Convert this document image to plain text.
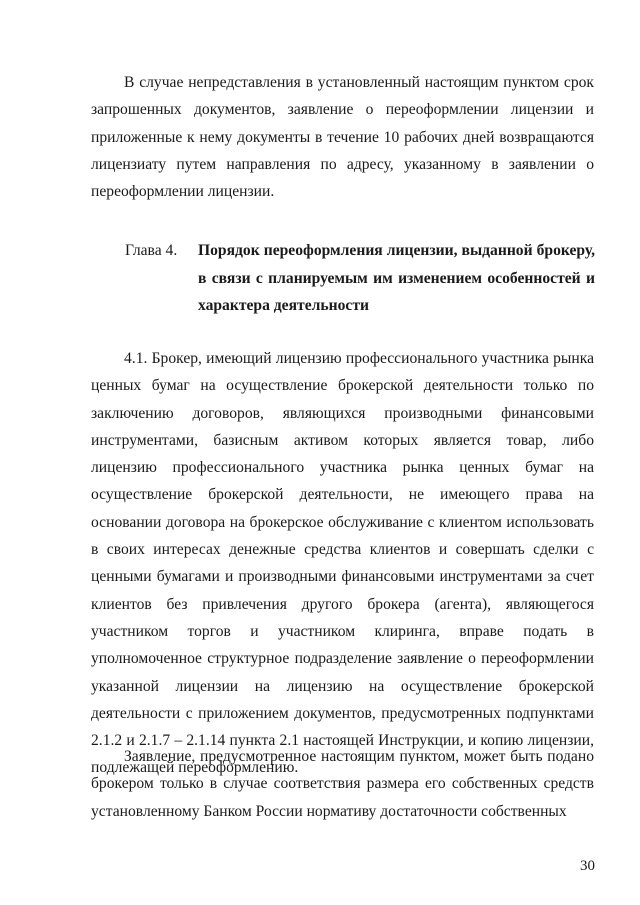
В случае непредставления в установленный настоящим пунктом срок запрошенных документов, заявление о переоформлении лицензии и приложенные к нему документы в течение 10 рабочих дней возвращаются лицензиату путем направления по адресу, указанному в заявлении о переоформлении лицензии.

Глава 4. Порядок переоформления лицензии, выданной брокеру, в связи с планируемым им изменением особенностей и характера деятельности

4.1. Брокер, имеющий лицензию профессионального участника рынка ценных бумаг на осуществление брокерской деятельности только по заключению договоров, являющихся производными финансовыми инструментами, базисным активом которых является товар, либо лицензию профессионального участника рынка ценных бумаг на осуществление брокерской деятельности, не имеющего права на основании договора на брокерское обслуживание с клиентом использовать в своих интересах денежные средства клиентов и совершать сделки с ценными бумагами и производными финансовыми инструментами за счет клиентов без привлечения другого брокера (агента), являющегося участником торгов и участником клиринга, вправе подать в уполномоченное структурное подразделение заявление о переоформлении указанной лицензии на лицензию на осуществление брокерской деятельности с приложением документов, предусмотренных подпунктами 2.1.2 и 2.1.7 – 2.1.14 пункта 2.1 настоящей Инструкции, и копию лицензии, подлежащей переоформлению.

Заявление, предусмотренное настоящим пунктом, может быть подано брокером только в случае соответствия размера его собственных средств установленному Банком России нормативу достаточности собственных

30
